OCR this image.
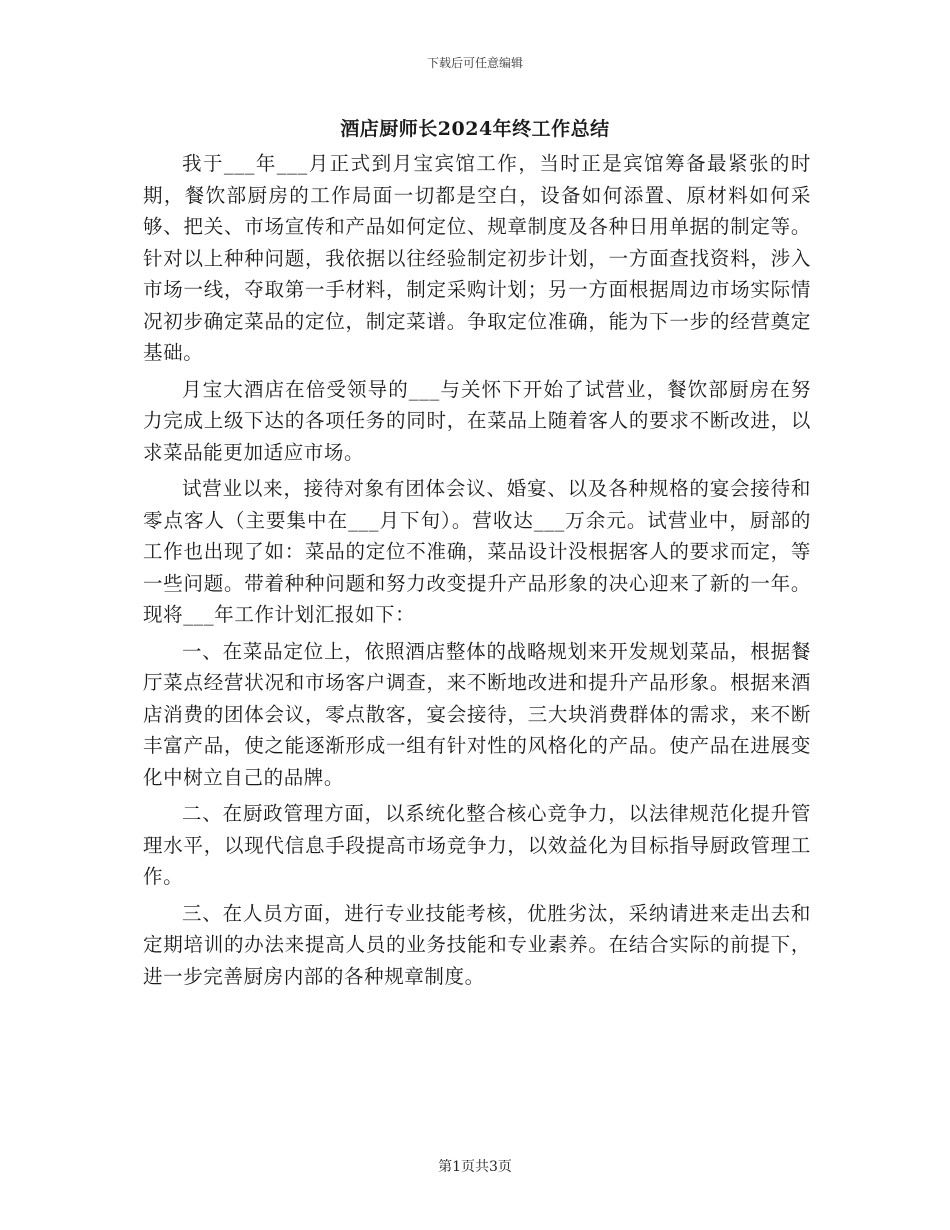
下载后可任意编辑
酒店厨师长2024年终工作总结

我于___年___月正式到月宝宾馆工作，当时正是宾馆筹备最紧张的时期，餐饮部厨房的工作局面一切都是空白，设备如何添置、原材料如何采够、把关、市场宣传和产品如何定位、规章制度及各种日用单据的制定等。针对以上种种问题，我依据以往经验制定初步计划，一方面查找资料，涉入市场一线，夺取第一手材料，制定采购计划；另一方面根据周边市场实际情况初步确定菜品的定位，制定菜谱。争取定位准确，能为下一步的经营奠定基础。

月宝大酒店在倍受领导的___与关怀下开始了试营业，餐饮部厨房在努力完成上级下达的各项任务的同时，在菜品上随着客人的要求不断改进，以求菜品能更加适应市场。

试营业以来，接待对象有团体会议、婚宴、以及各种规格的宴会接待和零点客人（主要集中在___月下旬）。营收达___万余元。试营业中，厨部的工作也出现了如：菜品的定位不准确，菜品设计没根据客人的要求而定，等一些问题。带着种种问题和努力改变提升产品形象的决心迎来了新的一年。现将___年工作计划汇报如下：

一、在菜品定位上，依照酒店整体的战略规划来开发规划菜品，根据餐厅菜点经营状况和市场客户调查，来不断地改进和提升产品形象。根据来酒店消费的团体会议，零点散客，宴会接待，三大块消费群体的需求，来不断丰富产品，使之能逐渐形成一组有针对性的风格化的产品。使产品在进展变化中树立自己的品牌。

二、在厨政管理方面，以系统化整合核心竞争力，以法律规范化提升管理水平，以现代信息手段提高市场竞争力，以效益化为目标指导厨政管理工作。

三、在人员方面，进行专业技能考核，优胜劣汰，采纳请进来走出去和定期培训的办法来提高人员的业务技能和专业素养。在结合实际的前提下，进一步完善厨房内部的各种规章制度。

第1页共3页
